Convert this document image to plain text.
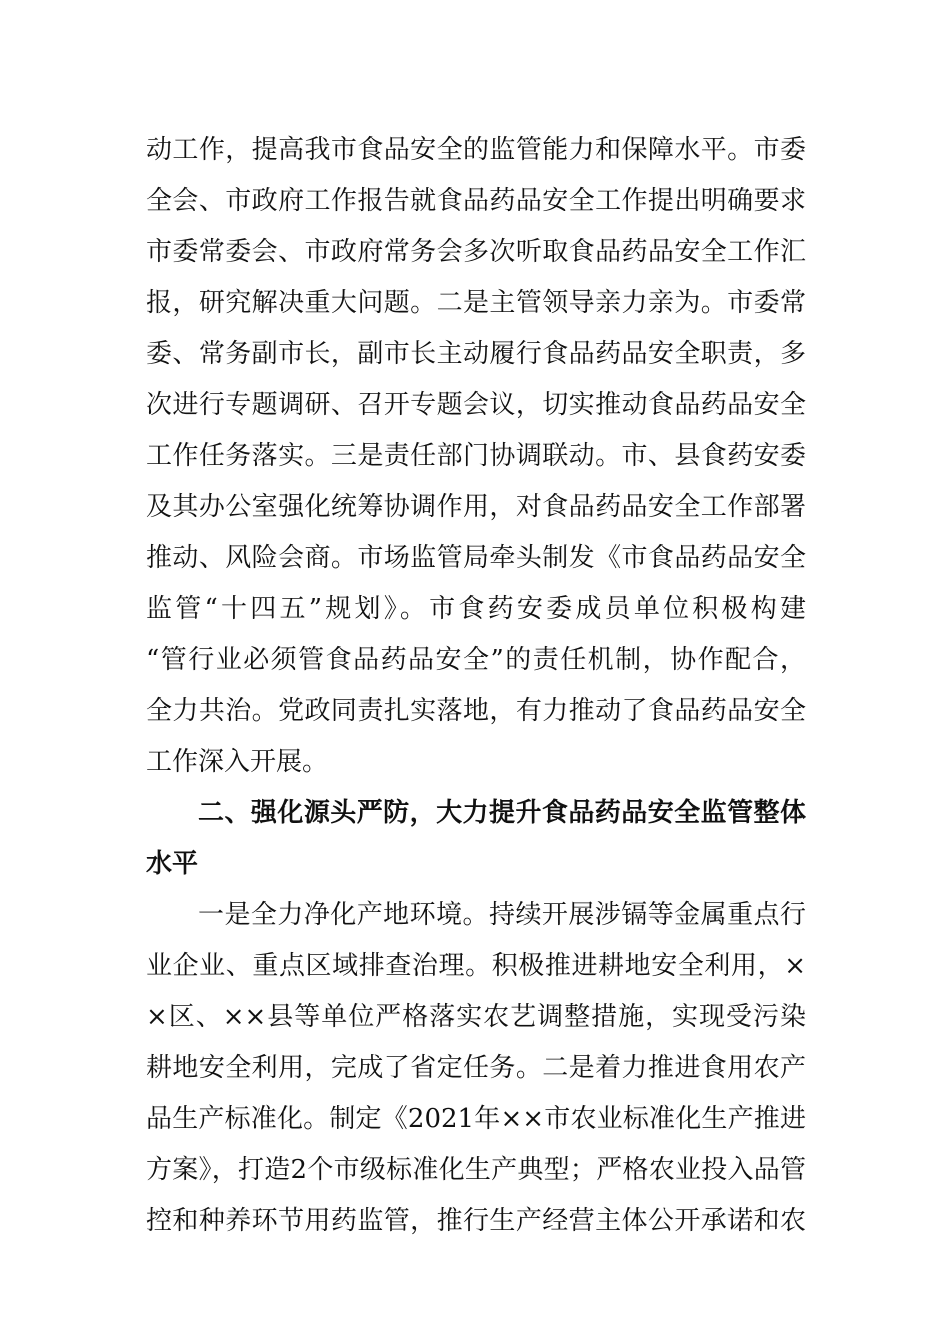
动工作，提高我市食品安全的监管能力和保障水平。市委
全会、市政府工作报告就食品药品安全工作提出明确要求
市委常委会、市政府常务会多次听取食品药品安全工作汇
报，研究解决重大问题。二是主管领导亲力亲为。市委常
委、常务副市长，副市长主动履行食品药品安全职责，多
次进行专题调研、召开专题会议，切实推动食品药品安全
工作任务落实。三是责任部门协调联动。市、县食药安委
及其办公室强化统筹协调作用，对食品药品安全工作部署
推动、风险会商。市场监管局牵头制发《市食品药品安全
监管“十四五”规划》。市食药安委成员单位积极构建
“管行业必须管食品药品安全”的责任机制，协作配合，
全力共治。党政同责扎实落地，有力推动了食品药品安全
工作深入开展。
二、强化源头严防，大力提升食品药品安全监管整体
水平
一是全力净化产地环境。持续开展涉镉等金属重点行
业企业、重点区域排查治理。积极推进耕地安全利用，×
×区、××县等单位严格落实农艺调整措施，实现受污染
耕地安全利用，完成了省定任务。二是着力推进食用农产
品生产标准化。制定《2021年××市农业标准化生产推进
方案》，打造2个市级标准化生产典型；严格农业投入品管
控和种养环节用药监管，推行生产经营主体公开承诺和农
